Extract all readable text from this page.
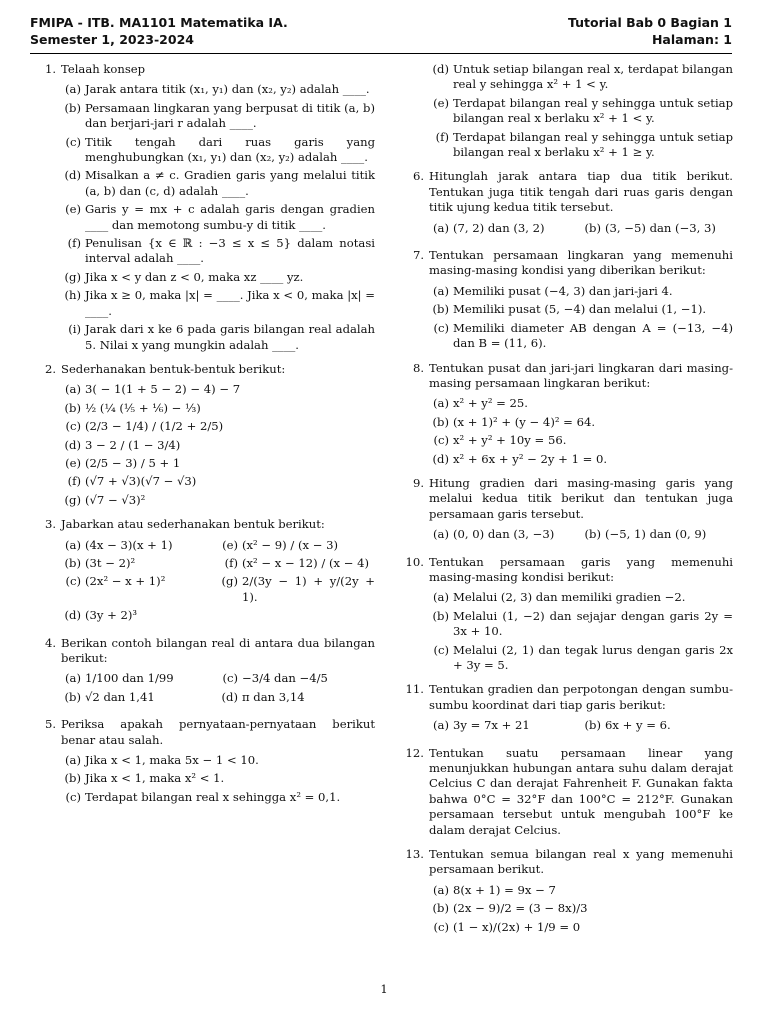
FMIPA - ITB. MA1101 Matematika IA.
Semester 1, 2023-2024
Tutorial Bab 0 Bagian 1
Halaman: 1
1. Telaah konsep
(a) Jarak antara titik (x₁, y₁) dan (x₂, y₂) adalah ____.
(b) Persamaan lingkaran yang berpusat di titik (a, b) dan berjari-jari r adalah ____.
(c) Titik tengah dari ruas garis yang menghubungkan (x₁, y₁) dan (x₂, y₂) adalah ____.
(d) Misalkan a ≠ c. Gradien garis yang melalui titik (a, b) dan (c, d) adalah ____.
(e) Garis y = mx + c adalah garis dengan gradien ____ dan memotong sumbu-y di titik ____.
(f) Penulisan {x ∈ ℝ : −3 ≤ x ≤ 5} dalam notasi interval adalah ____.
(g) Jika x < y dan z < 0, maka xz ____ yz.
(h) Jika x ≥ 0, maka |x| = ____. Jika x < 0, maka |x| = ____.
(i) Jarak dari x ke 6 pada garis bilangan real adalah 5. Nilai x yang mungkin adalah ____.
2. Sederhanakan bentuk-bentuk berikut:
(a) 3( − 1(1 + 5 − 2) − 4) − 7
(b) ½ (¼ (⅕ + ⅙) − ⅓)
(c) (2/3 − 1/4) / (1/2 + 2/5)
(d) 3 − 2 / (1 − 3/4)
(e) (2/5 − 3) / 5 + 1
(f) (√7 + √3)(√7 − √3)
(g) (√7 − √3)²
3. Jabarkan atau sederhanakan bentuk berikut:
(a) (4x − 3)(x + 1)	(e) (x² − 9) / (x − 3)
(b) (3t − 2)²	(f) (x² − x − 12) / (x − 4)
(c) (2x² − x + 1)²	(g) 2/(3y − 1) + y/(2y + 1).
(d) (3y + 2)³
4. Berikan contoh bilangan real di antara dua bilangan berikut:
(a) 1/100 dan 1/99	(c) −3/4 dan −4/5
(b) √2 dan 1,41	(d) π dan 3,14
5. Periksa apakah pernyataan-pernyataan berikut benar atau salah.
(a) Jika x < 1, maka 5x − 1 < 10.
(b) Jika x < 1, maka x² < 1.
(c) Terdapat bilangan real x sehingga x² = 0,1.
(d) Untuk setiap bilangan real x, terdapat bilangan real y sehingga x² + 1 < y.
(e) Terdapat bilangan real y sehingga untuk setiap bilangan real x berlaku x² + 1 < y.
(f) Terdapat bilangan real y sehingga untuk setiap bilangan real x berlaku x² + 1 ≥ y.
6. Hitunglah jarak antara tiap dua titik berikut. Tentukan juga titik tengah dari ruas garis dengan titik ujung kedua titik tersebut.
(a) (7, 2) dan (3, 2)	(b) (3, −5) dan (−3, 3)
7. Tentukan persamaan lingkaran yang memenuhi masing-masing kondisi yang diberikan berikut:
(a) Memiliki pusat (−4, 3) dan jari-jari 4.
(b) Memiliki pusat (5, −4) dan melalui (1, −1).
(c) Memiliki diameter AB dengan A = (−13, −4) dan B = (11, 6).
8. Tentukan pusat dan jari-jari lingkaran dari masing-masing persamaan lingkaran berikut:
(a) x² + y² = 25.
(b) (x + 1)² + (y − 4)² = 64.
(c) x² + y² + 10y = 56.
(d) x² + 6x + y² − 2y + 1 = 0.
9. Hitung gradien dari masing-masing garis yang melalui kedua titik berikut dan tentukan juga persamaan garis tersebut.
(a) (0, 0) dan (3, −3)	(b) (−5, 1) dan (0, 9)
10. Tentukan persamaan garis yang memenuhi masing-masing kondisi berikut:
(a) Melalui (2, 3) dan memiliki gradien −2.
(b) Melalui (1, −2) dan sejajar dengan garis 2y = 3x + 10.
(c) Melalui (2, 1) dan tegak lurus dengan garis 2x + 3y = 5.
11. Tentukan gradien dan perpotongan dengan sumbu-sumbu koordinat dari tiap garis berikut:
(a) 3y = 7x + 21	(b) 6x + y = 6.
12. Tentukan suatu persamaan linear yang menunjukkan hubungan antara suhu dalam derajat Celcius C dan derajat Fahrenheit F. Gunakan fakta bahwa 0°C = 32°F dan 100°C = 212°F. Gunakan persamaan tersebut untuk mengubah 100°F ke dalam derajat Celcius.
13. Tentukan semua bilangan real x yang memenuhi persamaan berikut.
(a) 8(x + 1) = 9x − 7
(b) (2x − 9)/2 = (3 − 8x)/3
(c) (1 − x)/(2x) + 1/9 = 0
1
